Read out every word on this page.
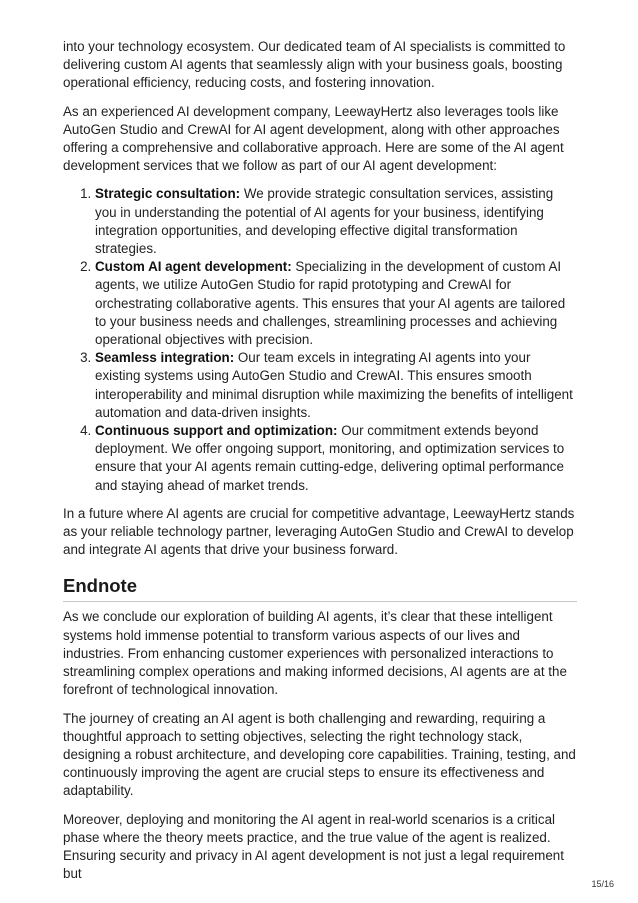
into your technology ecosystem. Our dedicated team of AI specialists is committed to delivering custom AI agents that seamlessly align with your business goals, boosting operational efficiency, reducing costs, and fostering innovation.

As an experienced AI development company, LeewayHertz also leverages tools like AutoGen Studio and CrewAI for AI agent development, along with other approaches offering a comprehensive and collaborative approach. Here are some of the AI agent development services that we follow as part of our AI agent development:

1. Strategic consultation: We provide strategic consultation services, assisting you in understanding the potential of AI agents for your business, identifying integration opportunities, and developing effective digital transformation strategies.
2. Custom AI agent development: Specializing in the development of custom AI agents, we utilize AutoGen Studio for rapid prototyping and CrewAI for orchestrating collaborative agents. This ensures that your AI agents are tailored to your business needs and challenges, streamlining processes and achieving operational objectives with precision.
3. Seamless integration: Our team excels in integrating AI agents into your existing systems using AutoGen Studio and CrewAI. This ensures smooth interoperability and minimal disruption while maximizing the benefits of intelligent automation and data-driven insights.
4. Continuous support and optimization: Our commitment extends beyond deployment. We offer ongoing support, monitoring, and optimization services to ensure that your AI agents remain cutting-edge, delivering optimal performance and staying ahead of market trends.

In a future where AI agents are crucial for competitive advantage, LeewayHertz stands as your reliable technology partner, leveraging AutoGen Studio and CrewAI to develop and integrate AI agents that drive your business forward.

Endnote

As we conclude our exploration of building AI agents, it’s clear that these intelligent systems hold immense potential to transform various aspects of our lives and industries. From enhancing customer experiences with personalized interactions to streamlining complex operations and making informed decisions, AI agents are at the forefront of technological innovation.

The journey of creating an AI agent is both challenging and rewarding, requiring a thoughtful approach to setting objectives, selecting the right technology stack, designing a robust architecture, and developing core capabilities. Training, testing, and continuously improving the agent are crucial steps to ensure its effectiveness and adaptability.

Moreover, deploying and monitoring the AI agent in real-world scenarios is a critical phase where the theory meets practice, and the true value of the agent is realized. Ensuring security and privacy in AI agent development is not just a legal requirement but

15/16
